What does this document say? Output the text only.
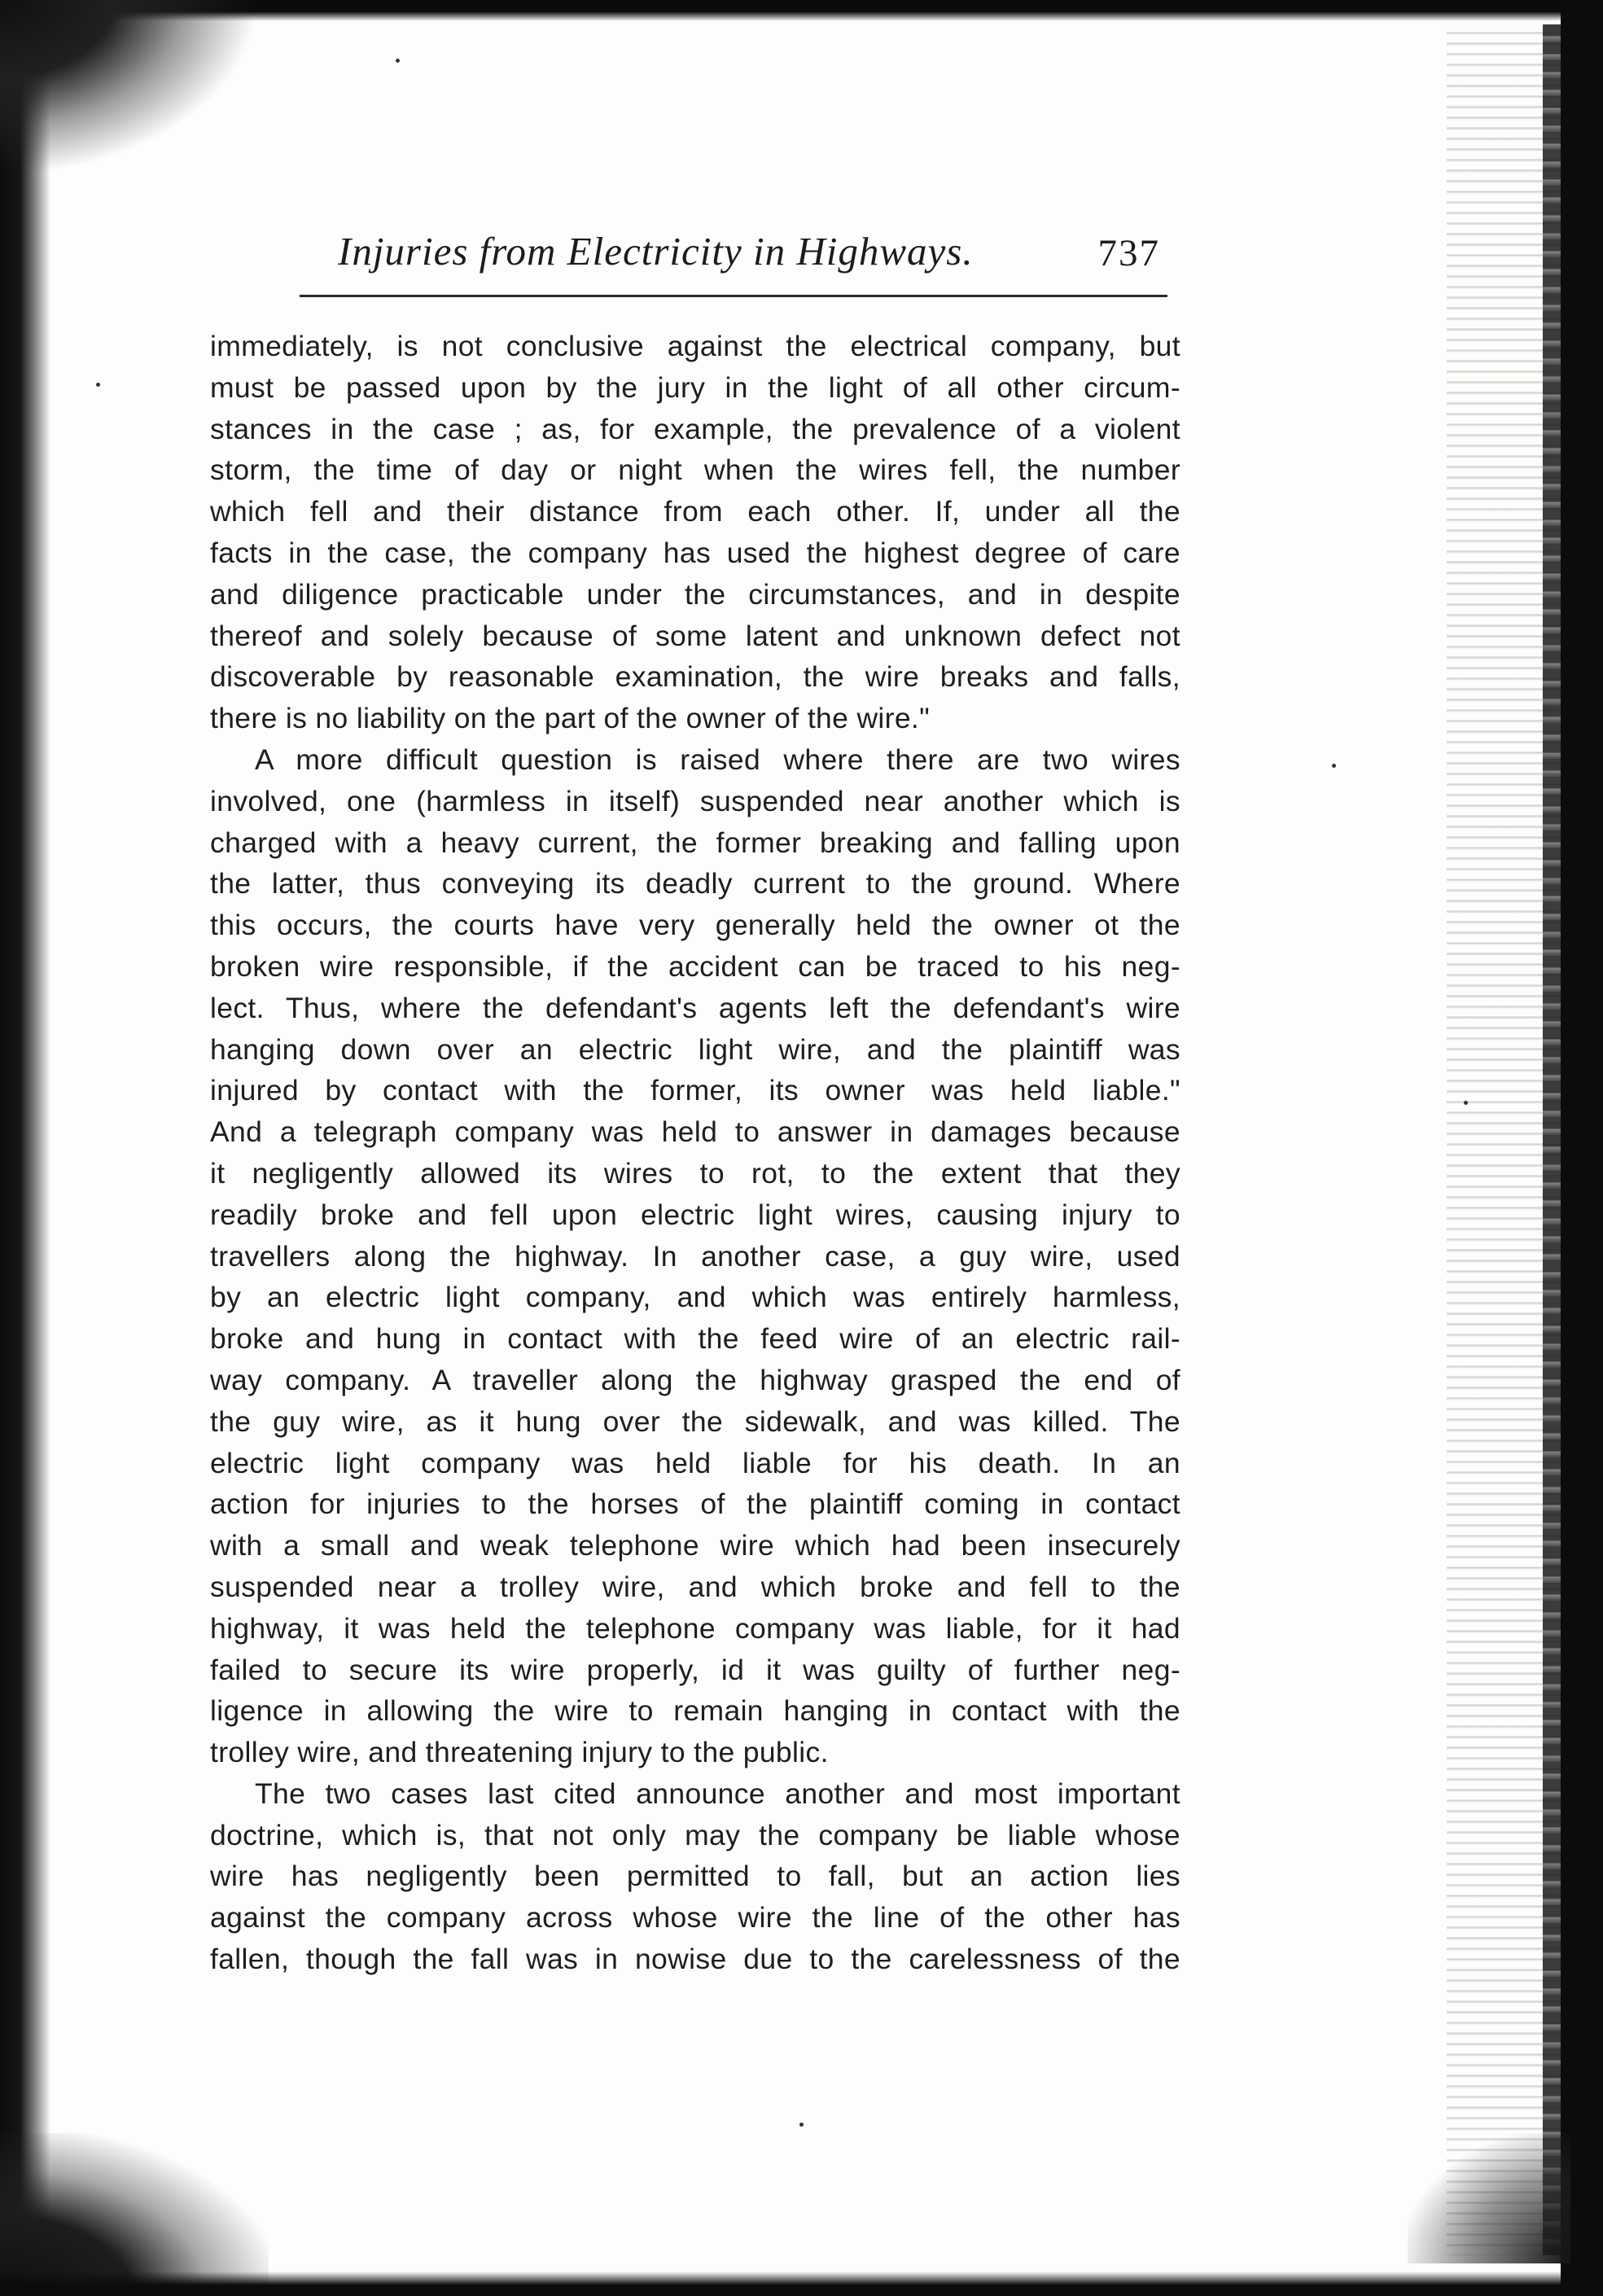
Injuries from Electricity in Highways.	737
immediately, is not conclusive against the electrical company, but
must be passed upon by the jury in the light of all other circum-
stances in the case ; as, for example, the prevalence of a violent
storm, the time of day or night when the wires fell, the number
which fell and their distance from each other. If, under all the
facts in the case, the company has used the highest degree of care
and diligence practicable under the circumstances, and in despite
thereof and solely because of some latent and unknown defect not
discoverable by reasonable examination, the wire breaks and falls,
there is no liability on the part of the owner of the wire."
A more difficult question is raised where there are two wires
involved, one (harmless in itself) suspended near another which is
charged with a heavy current, the former breaking and falling upon
the latter, thus conveying its deadly current to the ground. Where
this occurs, the courts have very generally held the owner ot the
broken wire responsible, if the accident can be traced to his neg-
lect. Thus, where the defendant's agents left the defendant's wire
hanging down over an electric light wire, and the plaintiff was
injured by contact with the former, its owner was held liable."
And a telegraph company was held to answer in damages because
it negligently allowed its wires to rot, to the extent that they
readily broke and fell upon electric light wires, causing injury to
travellers along the highway. In another case, a guy wire, used
by an electric light company, and which was entirely harmless,
broke and hung in contact with the feed wire of an electric rail-
way company. A traveller along the highway grasped the end of
the guy wire, as it hung over the sidewalk, and was killed. The
electric light company was held liable for his death. In an
action for injuries to the horses of the plaintiff coming in contact
with a small and weak telephone wire which had been insecurely
suspended near a trolley wire, and which broke and fell to the
highway, it was held the telephone company was liable, for it had
failed to secure its wire properly, id it was guilty of further neg-
ligence in allowing the wire to remain hanging in contact with the
trolley wire, and threatening injury to the public.
The two cases last cited announce another and most important
doctrine, which is, that not only may the company be liable whose
wire has negligently been permitted to fall, but an action lies
against the company across whose wire the line of the other has
fallen, though the fall was in nowise due to the carelessness of the
